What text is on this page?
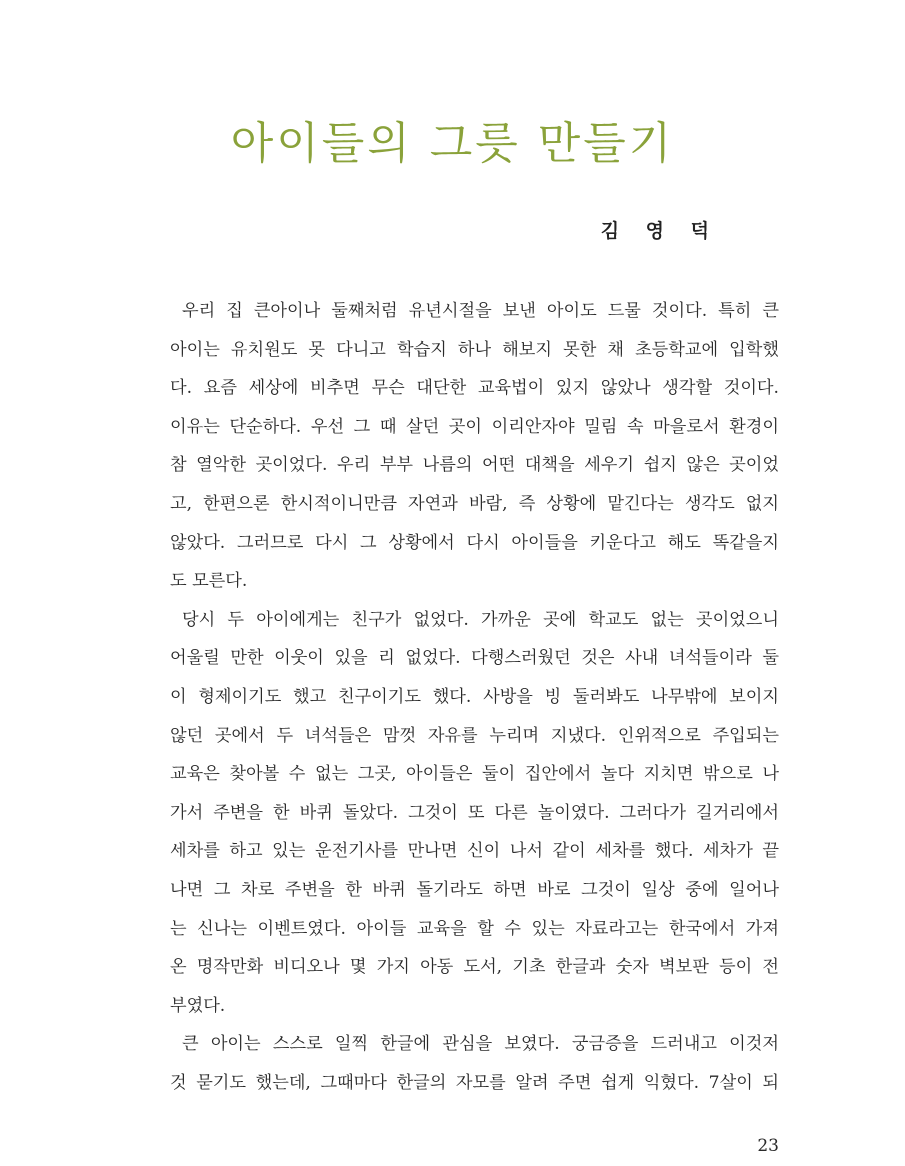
아이들의 그릇 만들기
김 영 덕
우리 집 큰아이나 둘째처럼 유년시절을 보낸 아이도 드물 것이다. 특히 큰
아이는 유치원도 못 다니고 학습지 하나 해보지 못한 채 초등학교에 입학했
다. 요즘 세상에 비추면 무슨 대단한 교육법이 있지 않았나 생각할 것이다.
이유는 단순하다. 우선 그 때 살던 곳이 이리안자야 밀림 속 마을로서 환경이
참 열악한 곳이었다. 우리 부부 나름의 어떤 대책을 세우기 쉽지 않은 곳이었
고, 한편으론 한시적이니만큼 자연과 바람, 즉 상황에 맡긴다는 생각도 없지
않았다. 그러므로 다시 그 상황에서 다시 아이들을 키운다고 해도 똑같을지
도 모른다.
당시 두 아이에게는 친구가 없었다. 가까운 곳에 학교도 없는 곳이었으니
어울릴 만한 이웃이 있을 리 없었다. 다행스러웠던 것은 사내 녀석들이라 둘
이 형제이기도 했고 친구이기도 했다. 사방을 빙 둘러봐도 나무밖에 보이지
않던 곳에서 두 녀석들은 맘껏 자유를 누리며 지냈다. 인위적으로 주입되는
교육은 찾아볼 수 없는 그곳, 아이들은 둘이 집안에서 놀다 지치면 밖으로 나
가서 주변을 한 바퀴 돌았다. 그것이 또 다른 놀이였다. 그러다가 길거리에서
세차를 하고 있는 운전기사를 만나면 신이 나서 같이 세차를 했다. 세차가 끝
나면 그 차로 주변을 한 바퀴 돌기라도 하면 바로 그것이 일상 중에 일어나
는 신나는 이벤트였다. 아이들 교육을 할 수 있는 자료라고는 한국에서 가져
온 명작만화 비디오나 몇 가지 아동 도서, 기초 한글과 숫자 벽보판 등이 전
부였다.
큰 아이는 스스로 일찍 한글에 관심을 보였다. 궁금증을 드러내고 이것저
것 묻기도 했는데, 그때마다 한글의 자모를 알려 주면 쉽게 익혔다. 7살이 되
23
